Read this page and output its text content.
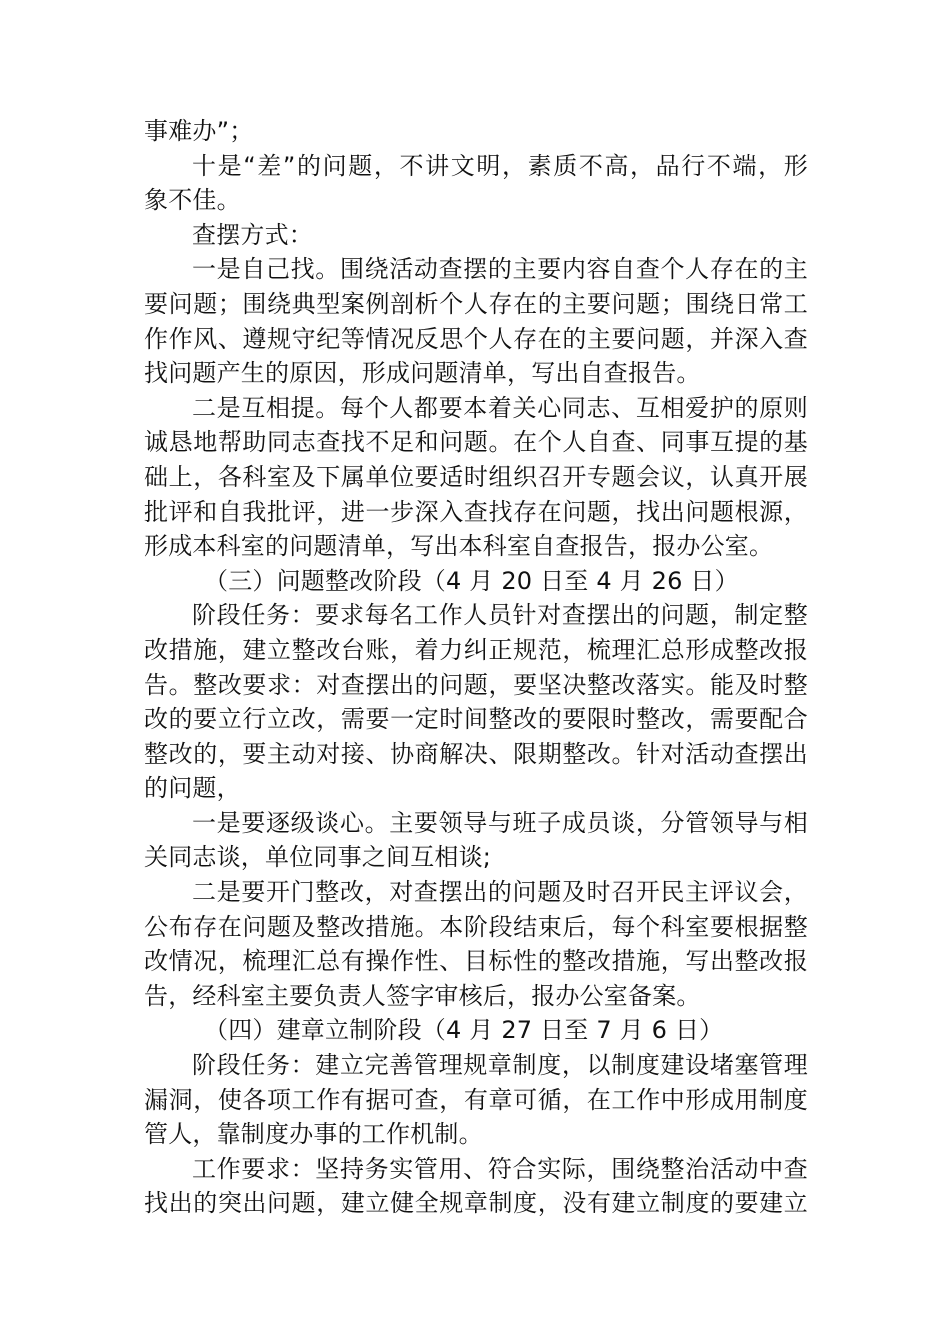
事难办”；
十是“差”的问题，不讲文明，素质不高，品行不端，形
象不佳。
查摆方式：
一是自己找。围绕活动查摆的主要内容自查个人存在的主
要问题；围绕典型案例剖析个人存在的主要问题；围绕日常工
作作风、遵规守纪等情况反思个人存在的主要问题，并深入查
找问题产生的原因，形成问题清单，写出自查报告。
二是互相提。每个人都要本着关心同志、互相爱护的原则
诚恳地帮助同志查找不足和问题。在个人自查、同事互提的基
础上，各科室及下属单位要适时组织召开专题会议，认真开展
批评和自我批评，进一步深入查找存在问题，找出问题根源，
形成本科室的问题清单，写出本科室自查报告，报办公室。
（三）问题整改阶段（4 月 20 日至 4 月 26 日）
阶段任务：要求每名工作人员针对查摆出的问题，制定整
改措施，建立整改台账，着力纠正规范，梳理汇总形成整改报
告。整改要求：对查摆出的问题，要坚决整改落实。能及时整
改的要立行立改，需要一定时间整改的要限时整改，需要配合
整改的，要主动对接、协商解决、限期整改。针对活动查摆出
的问题，
一是要逐级谈心。主要领导与班子成员谈，分管领导与相
关同志谈，单位同事之间互相谈;
二是要开门整改，对查摆出的问题及时召开民主评议会，
公布存在问题及整改措施。本阶段结束后，每个科室要根据整
改情况，梳理汇总有操作性、目标性的整改措施，写出整改报
告，经科室主要负责人签字审核后，报办公室备案。
（四）建章立制阶段（4 月 27 日至 7 月 6 日）
阶段任务：建立完善管理规章制度，以制度建设堵塞管理
漏洞，使各项工作有据可查，有章可循，在工作中形成用制度
管人，靠制度办事的工作机制。
工作要求：坚持务实管用、符合实际，围绕整治活动中查
找出的突出问题，建立健全规章制度，没有建立制度的要建立
